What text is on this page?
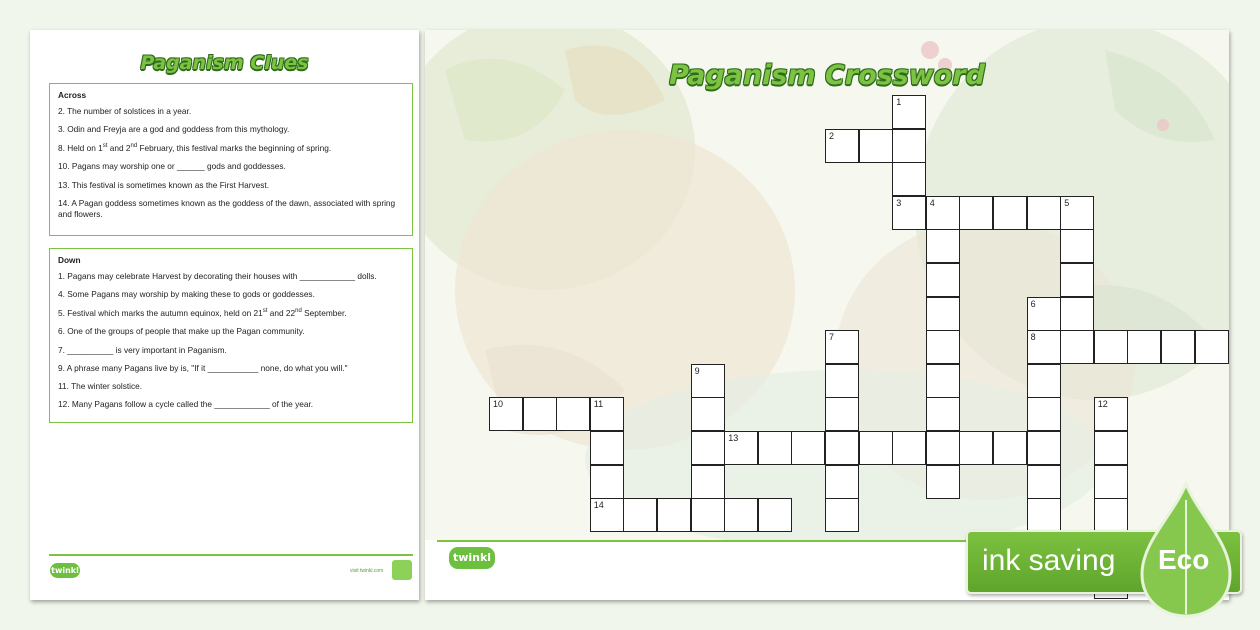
Paganism Clues
Across
2. The number of solstices in a year.
3. Odin and Freyja are a god and goddess from this mythology.
8. Held on 1st and 2nd February, this festival marks the beginning of spring.
10. Pagans may worship one or ______ gods and goddesses.
13. This festival is sometimes known as the First Harvest.
14. A Pagan goddess sometimes known as the goddess of the dawn, associated with spring and flowers.
Down
1. Pagans may celebrate Harvest by decorating their houses with ____________ dolls.
4. Some Pagans may worship by making these to gods or goddesses.
5. Festival which marks the autumn equinox, held on 21st and 22nd September.
6. One of the groups of people that make up the Pagan community.
7. __________ is very important in Paganism.
9. A phrase many Pagans live by is, "If it ___________ none, do what you will."
11. The winter solstice.
12. Many Pagans follow a cycle called the ____________ of the year.
twinkl	visit twinkl.com
Paganism Crossword
2
3	4
8
10	11
13
14
1
5
6
7
9
12
twinkl	ink saving Eco
